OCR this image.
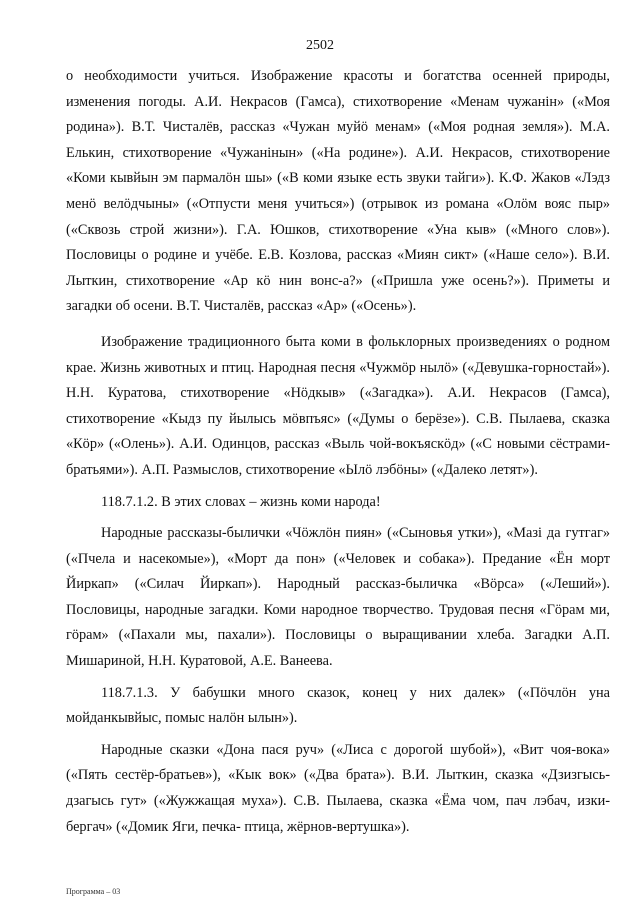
2502

о необходимости учиться. Изображение красоты и богатства осенней природы, изменения погоды. А.И. Некрасов (Гамса), стихотворение «Менам чужанiн» («Моя родина»). В.Т. Чисталёв, рассказ «Чужан муйӧ менам» («Моя родная земля»). М.А. Елькин, стихотворение «Чужанiнын» («На родине»). А.И. Некрасов, стихотворение «Коми кывйын эм пармалӧн шы» («В коми языке есть звуки тайги»). К.Ф. Жаков «Лэдз менӧ велӧдчыны» («Отпусти меня учиться») (отрывок из романа «Олӧм вояс пыр» («Сквозь строй жизни»). Г.А. Юшков, стихотворение «Уна кыв» («Много слов»). Пословицы о родине и учёбе. Е.В. Козлова, рассказ «Миян сикт» («Наше село»). В.И. Лыткин, стихотворение «Ар кӧ нин вонс-а?» («Пришла уже осень?»). Приметы и загадки об осени. В.Т. Чисталёв, рассказ «Ар» («Осень»).

Изображение традиционного быта коми в фольклорных произведениях о родном крае. Жизнь животных и птиц. Народная песня «Чужмӧр нылӧ» («Девушка-горностай»). Н.Н. Куратова, стихотворение «Нӧдкыв» («Загадка»). А.И. Некрасов (Гамса), стихотворение «Кыдз пу йылысь мӧвпъяс» («Думы о берёзе»). С.В. Пылаева, сказка «Кӧр» («Олень»). А.И. Одинцов, рассказ «Выль чой-вокъяскӧд» («С новыми сёстрами-братьями»). А.П. Размыслов, стихотворение «Ылӧ лэбӧны» («Далеко летят»).

118.7.1.2. В этих словах – жизнь коми народа!

Народные рассказы-былички «Чӧжлӧн пиян» («Сыновья утки»), «Мазі да гутгаг» («Пчела и насекомые»), «Морт да пон» («Человек и собака»). Предание «Ён морт Йиркап» («Силач Йиркап»). Народный рассказ-быличка «Вӧрса» («Леший»). Пословицы, народные загадки. Коми народное творчество. Трудовая песня «Гӧрам ми, гӧрам» («Пахали мы, пахали»). Пословицы о выращивании хлеба. Загадки А.П. Мишариной, Н.Н. Куратовой, А.Е. Ванеева.

118.7.1.3. У бабушки много сказок, конец у них далек» («Пӧчлӧн уна мойданкывйыс, помыс налӧн ылын»).

Народные сказки «Дона пася руч» («Лиса с дорогой шубой»), «Вит чоя-вока» («Пять сестёр-братьев»), «Кык вок» («Два брата»). В.И. Лыткин, сказка «Дзизгысь-дзагысь гут» («Жужжащая муха»). С.В. Пылаева, сказка «Ёма чом, пач лэбач, изки-бергач» («Домик Яги, печка- птица, жёрнов-вертушка»).

Программа – 03
